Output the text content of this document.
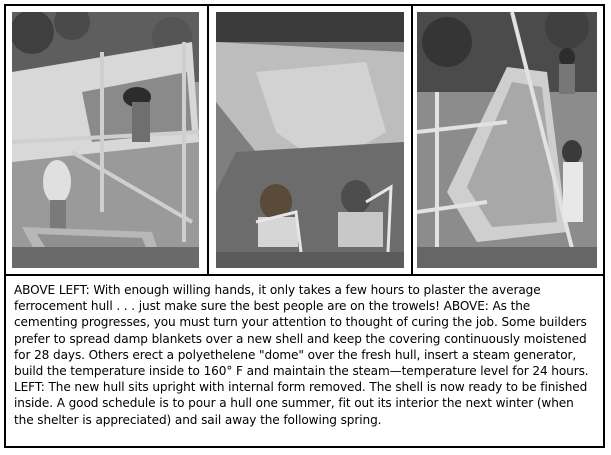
ABOVE LEFT: With enough willing hands, it only takes a few hours to plaster the average ferrocement hull . . . just make sure the best people are on the trowels! ABOVE: As the cementing progresses, you must turn your attention to thought of curing the job. Some builders prefer to spread damp blankets over a new shell and keep the covering continuously moistened for 28 days. Others erect a polyethelene "dome" over the fresh hull, insert a steam generator, build the temperature inside to 160° F and maintain the steam—temperature level for 24 hours. LEFT: The new hull sits upright with internal form removed. The shell is now ready to be finished inside. A good schedule is to pour a hull one summer, fit out its interior the next winter (when the shelter is appreciated) and sail away the following spring.
